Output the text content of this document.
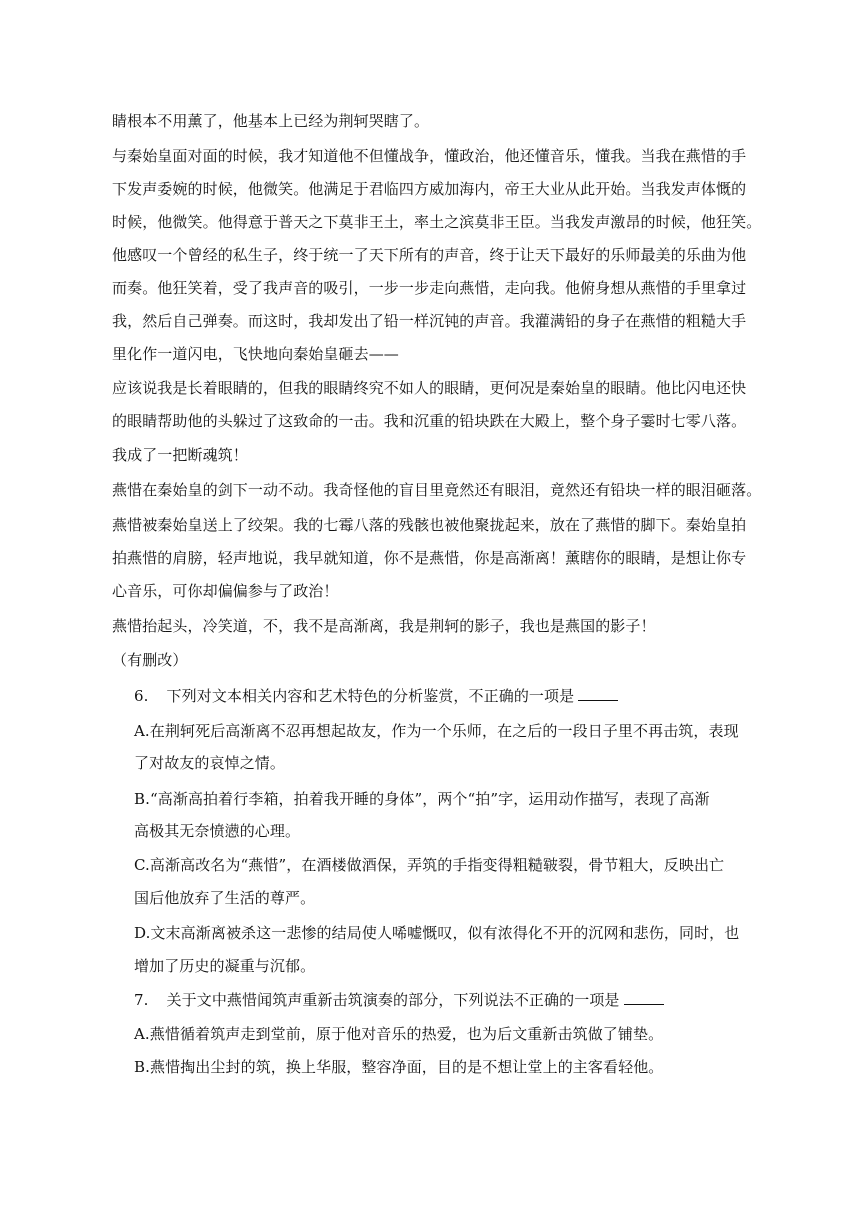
睛根本不用薰了，他基本上已经为荆轲哭瞎了。
与秦始皇面对面的时候，我才知道他不但懂战争，懂政治，他还懂音乐，懂我。当我在燕惜的手
下发声委婉的时候，他微笑。他满足于君临四方威加海内，帝王大业从此开始。当我发声体慨的
时候，他微笑。他得意于普天之下莫非王土，率土之滨莫非王臣。当我发声激昂的时候，他狂笑。
他感叹一个曾经的私生子，终于统一了天下所有的声音，终于让天下最好的乐师最美的乐曲为他
而奏。他狂笑着，受了我声音的吸引，一步一步走向燕惜，走向我。他俯身想从燕惜的手里拿过
我，然后自己弹奏。而这时，我却发出了铅一样沉钝的声音。我灌满铅的身子在燕惜的粗糙大手
里化作一道闪电，飞快地向秦始皇砸去——
应该说我是长着眼睛的，但我的眼睛终究不如人的眼睛，更何况是秦始皇的眼睛。他比闪电还快
的眼睛帮助他的头躲过了这致命的一击。我和沉重的铅块跌在大殿上，整个身子霎时七零八落。
我成了一把断魂筑！
燕惜在秦始皇的剑下一动不动。我奇怪他的盲目里竟然还有眼泪，竟然还有铅块一样的眼泪砸落。
燕惜被秦始皇送上了绞架。我的七霉八落的残骸也被他聚拢起来，放在了燕惜的脚下。秦始皇拍
拍燕惜的肩膀，轻声地说，我早就知道，你不是燕惜，你是高渐离！薰瞎你的眼睛，是想让你专
心音乐，可你却偏偏参与了政治！
燕惜抬起头，冷笑道，不，我不是高渐离，我是荆轲的影子，我也是燕国的影子！
（有删改）
6. 下列对文本相关内容和艺术特色的分析鉴赏，不正确的一项是
A.在荆轲死后高渐离不忍再想起故友，作为一个乐师，在之后的一段日子里不再击筑，表现
了对故友的哀悼之情。
B.“高渐高拍着行李箱，拍着我开睡的身体”，两个“拍”字，运用动作描写，表现了高渐
高极其无奈愤懑的心理。
C.高渐高改名为“燕惜”，在酒楼做酒保，弄筑的手指变得粗糙皲裂，骨节粗大，反映出亡
国后他放弃了生活的尊严。
D.文末高渐离被杀这一悲惨的结局使人唏嘘慨叹，似有浓得化不开的沉网和悲伤，同时，也
增加了历史的凝重与沉郁。
7. 关于文中燕惜闻筑声重新击筑演奏的部分，下列说法不正确的一项是
A.燕惜循着筑声走到堂前，原于他对音乐的热爱，也为后文重新击筑做了铺垫。
B.燕惜掏出尘封的筑，换上华服，整容净面，目的是不想让堂上的主客看轻他。
